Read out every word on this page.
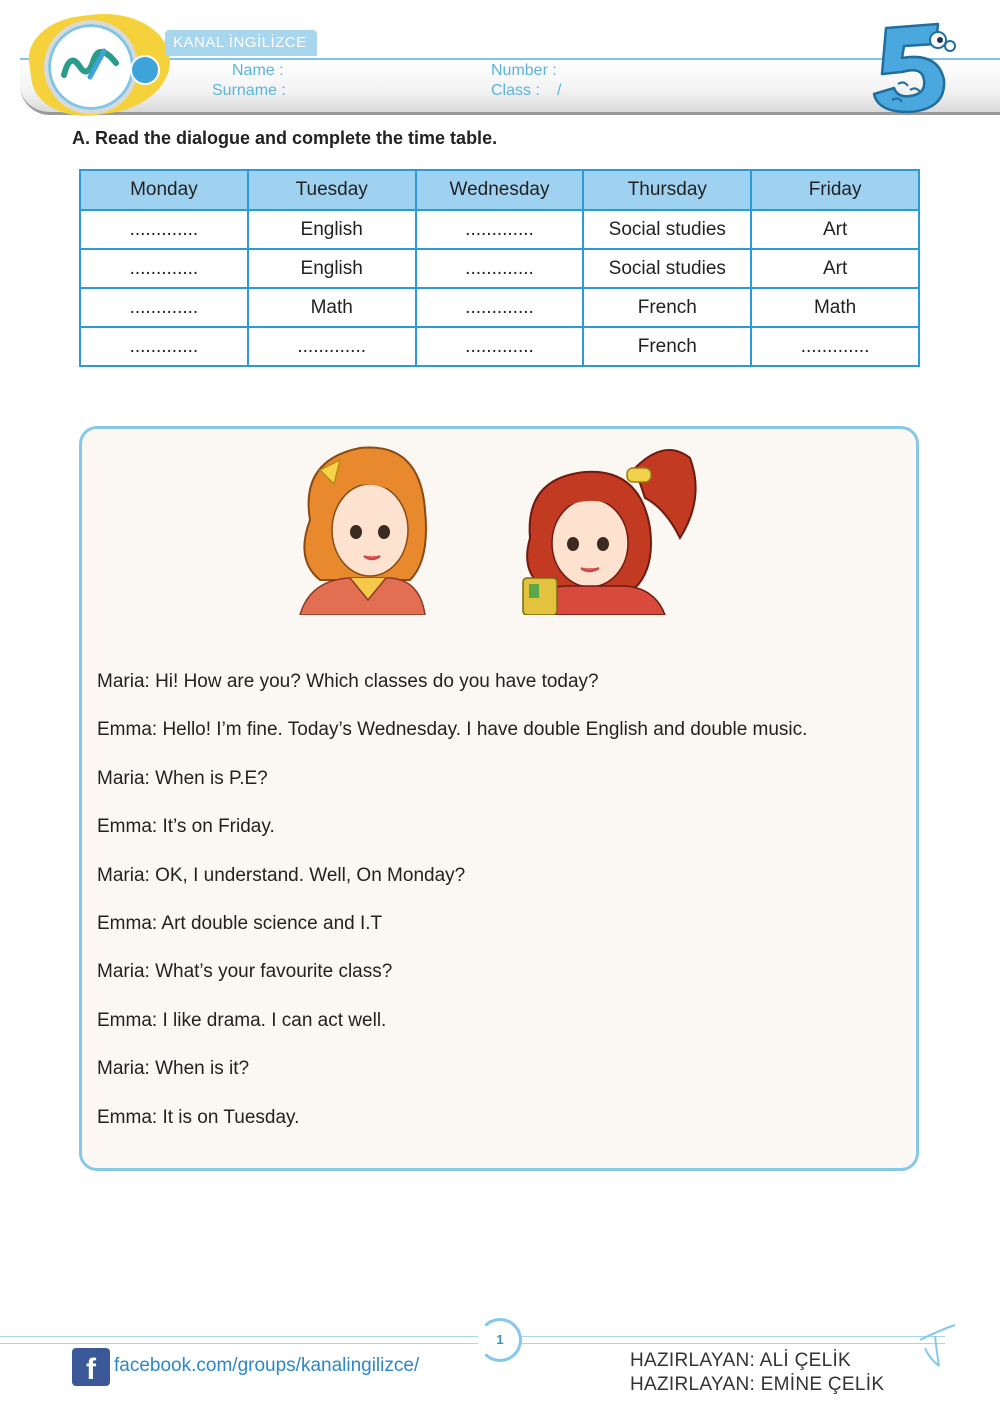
KANAL İNGİLİZCE
Name :
Surname :
Number :
Class : /
A. Read the dialogue and complete the time table.
Monday	Tuesday	Wednesday	Thursday	Friday
.............	English	.............	Social studies	Art
.............	English	.............	Social studies	Art
.............	Math	.............	French	Math
.............	.............	.............	French	.............
Maria: Hi! How are you? Which classes do you have today?
Emma: Hello! I’m fine. Today’s Wednesday. I have double English and double music.
Maria: When is P.E?
Emma: It’s on Friday.
Maria: OK, I understand. Well, On Monday?
Emma: Art double science and I.T
Maria: What’s your favourite class?
Emma: I like drama. I can act well.
Maria: When is it?
Emma: It is on Tuesday.
1
f facebook.com/groups/kanalingilizce/	HAZIRLAYAN: ALİ ÇELİK
HAZIRLAYAN: EMİNE ÇELİK
